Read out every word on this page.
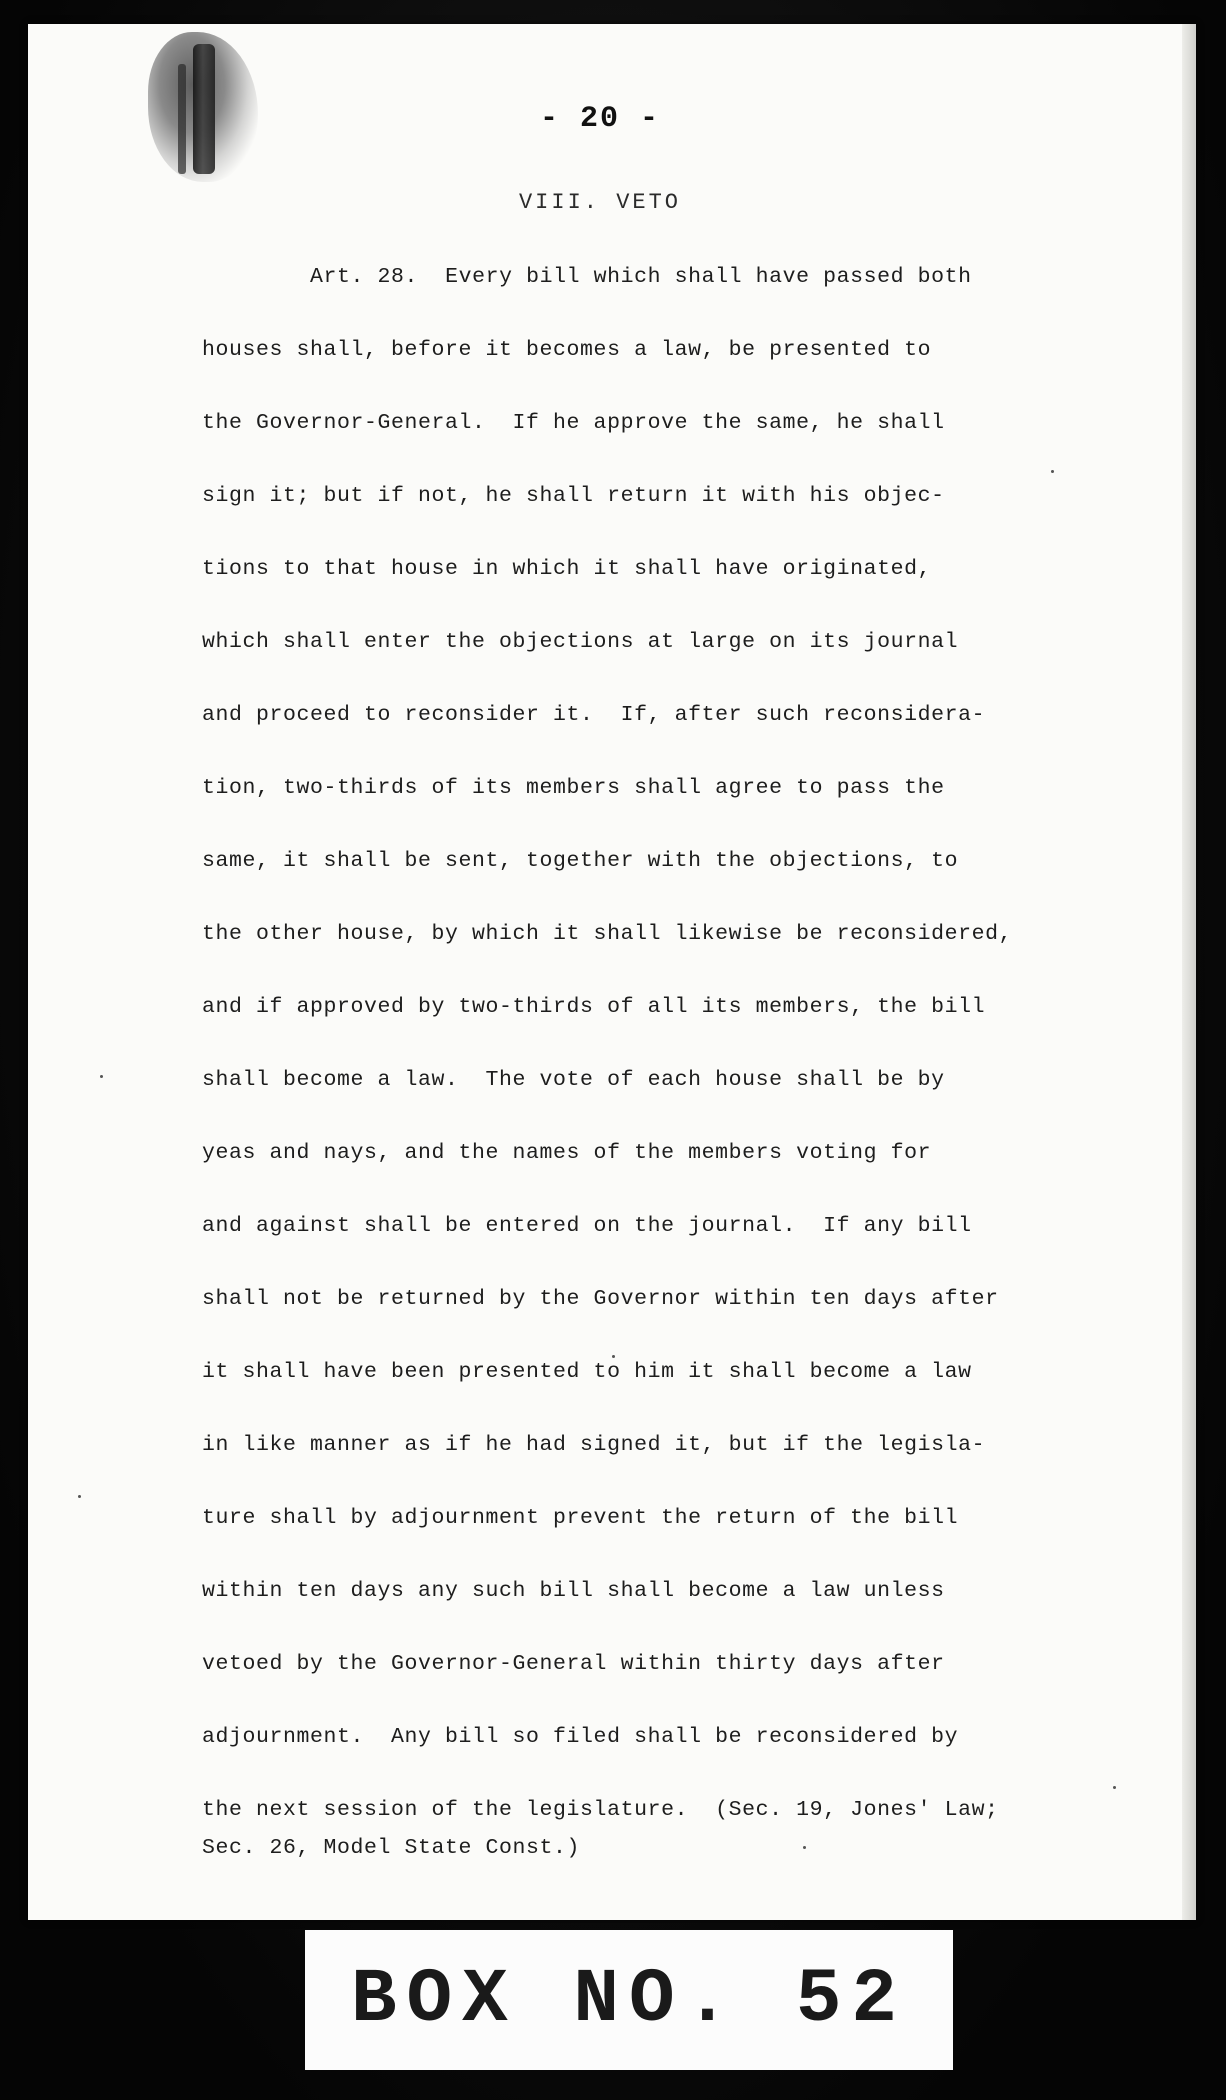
- 20 -
VIII. VETO
Art. 28. Every bill which shall have passed both
houses shall, before it becomes a law, be presented to
the Governor-General.  If he approve the same, he shall
sign it; but if not, he shall return it with his objec-
tions to that house in which it shall have originated,
which shall enter the objections at large on its journal
and proceed to reconsider it.  If, after such reconsidera-
tion, two-thirds of its members shall agree to pass the
same, it shall be sent, together with the objections, to
the other house, by which it shall likewise be reconsidered,
and if approved by two-thirds of all its members, the bill
shall become a law.  The vote of each house shall be by
yeas and nays, and the names of the members voting for
and against shall be entered on the journal.  If any bill
shall not be returned by the Governor within ten days after
it shall have been presented to him it shall become a law
in like manner as if he had signed it, but if the legisla-
ture shall by adjournment prevent the return of the bill
within ten days any such bill shall become a law unless
vetoed by the Governor-General within thirty days after
adjournment.  Any bill so filed shall be reconsidered by
the next session of the legislature.  (Sec. 19, Jones' Law;
Sec. 26, Model State Const.)
BOX NO. 52
